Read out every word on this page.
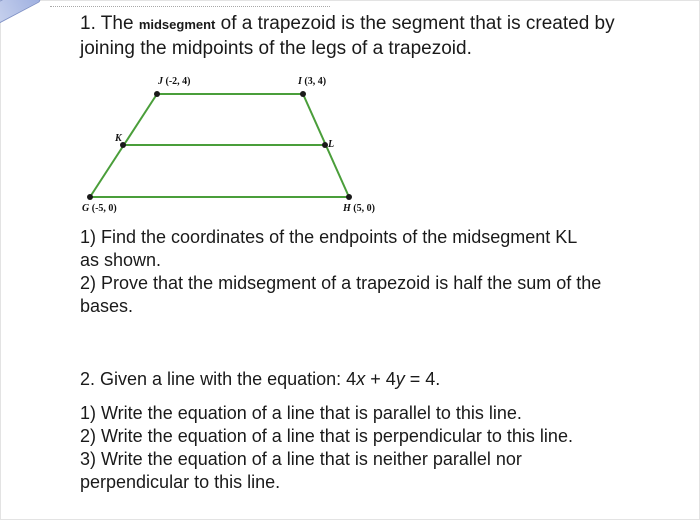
1. The midsegment of a trapezoid is the segment that is created by
joining the midpoints of the legs of a trapezoid.
J (-2, 4)	I (3, 4)
K
L
G (-5, 0)	H (5, 0)

1) Find the coordinates of the endpoints of the midsegment KL

as shown.

2) Prove that the midsegment of a trapezoid is half the sum of the

bases.

2. Given a line with the equation: 4x + 4y = 4.

1) Write the equation of a line that is parallel to this line.

2) Write the equation of a line that is perpendicular to this line.

3) Write the equation of a line that is neither parallel nor

perpendicular to this line.
